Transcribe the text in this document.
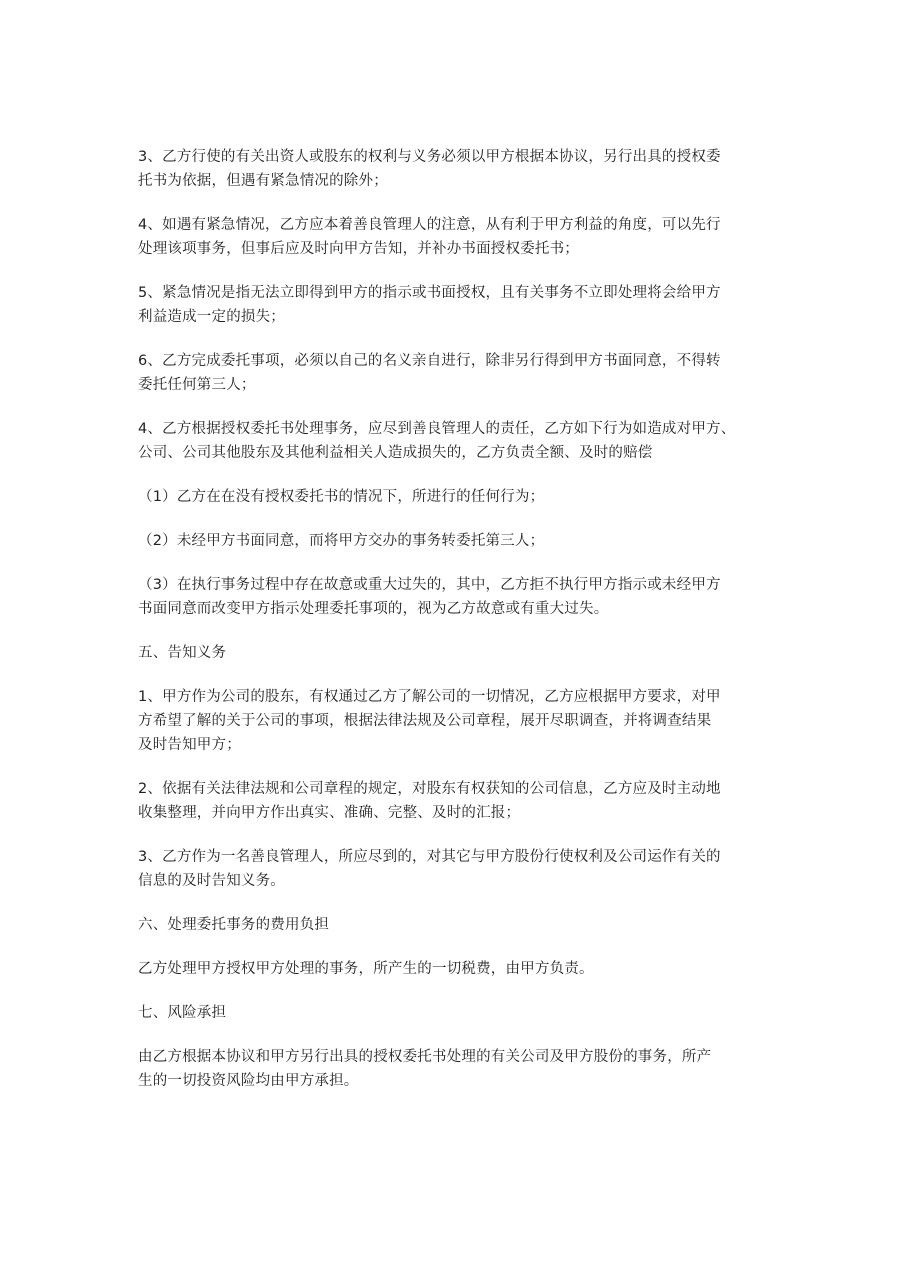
3、乙方行使的有关出资人或股东的权利与义务必须以甲方根据本协议，另行出具的授权委
托书为依据，但遇有紧急情况的除外；

4、如遇有紧急情况，乙方应本着善良管理人的注意，从有利于甲方利益的角度，可以先行
处理该项事务，但事后应及时向甲方告知，并补办书面授权委托书；

5、紧急情况是指无法立即得到甲方的指示或书面授权，且有关事务不立即处理将会给甲方
利益造成一定的损失；

6、乙方完成委托事项，必须以自己的名义亲自进行，除非另行得到甲方书面同意，不得转
委托任何第三人；

4、乙方根据授权委托书处理事务，应尽到善良管理人的责任，乙方如下行为如造成对甲方、
公司、公司其他股东及其他利益相关人造成损失的，乙方负责全额、及时的赔偿

（1）乙方在在没有授权委托书的情况下，所进行的任何行为；

（2）未经甲方书面同意，而将甲方交办的事务转委托第三人；

（3）在执行事务过程中存在故意或重大过失的，其中，乙方拒不执行甲方指示或未经甲方
书面同意而改变甲方指示处理委托事项的，视为乙方故意或有重大过失。

五、告知义务

1、甲方作为公司的股东，有权通过乙方了解公司的一切情况，乙方应根据甲方要求，对甲
方希望了解的关于公司的事项，根据法律法规及公司章程，展开尽职调查，并将调查结果
及时告知甲方；

2、依据有关法律法规和公司章程的规定，对股东有权获知的公司信息，乙方应及时主动地
收集整理，并向甲方作出真实、准确、完整、及时的汇报；

3、乙方作为一名善良管理人，所应尽到的，对其它与甲方股份行使权利及公司运作有关的
信息的及时告知义务。

六、处理委托事务的费用负担

乙方处理甲方授权甲方处理的事务，所产生的一切税费，由甲方负责。

七、风险承担

由乙方根据本协议和甲方另行出具的授权委托书处理的有关公司及甲方股份的事务，所产
生的一切投资风险均由甲方承担。
